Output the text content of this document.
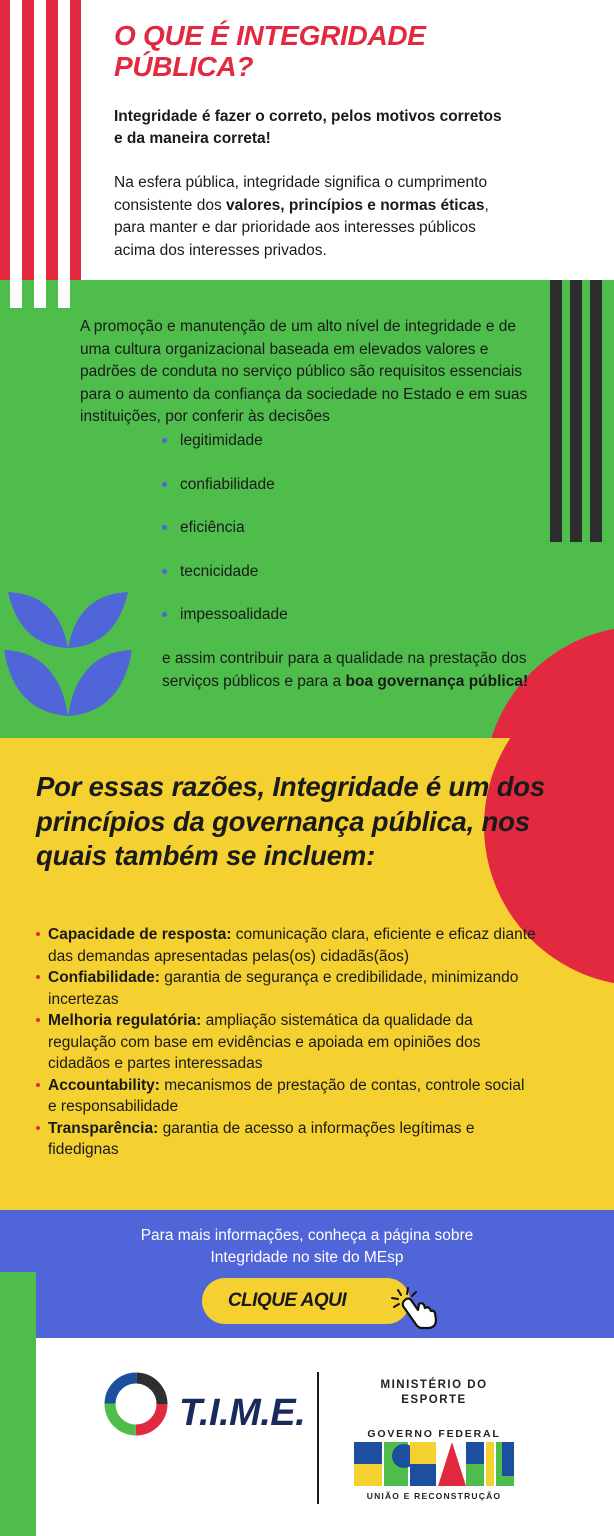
O QUE É INTEGRIDADE
PÚBLICA?

Integridade é fazer o correto, pelos motivos corretos e da maneira correta!

Na esfera pública, integridade significa o cumprimento consistente dos valores, princípios e normas éticas, para manter e dar prioridade aos interesses públicos acima dos interesses privados.

A promoção e manutenção de um alto nível de integridade e de uma cultura organizacional baseada em elevados valores e padrões de conduta no serviço público são requisitos essenciais para o aumento da confiança da sociedade no Estado e em suas instituições, por conferir às decisões

legitimidade
confiabilidade
eficiência
tecnicidade
impessoalidade

e assim contribuir para a qualidade na prestação dos serviços públicos e para a boa governança pública!

Por essas razões, Integridade é um dos princípios da governança pública, nos quais também se incluem:
Capacidade de resposta: comunicação clara, eficiente e eficaz diante das demandas apresentadas pelas(os) cidadãs(ãos)
Confiabilidade: garantia de segurança e credibilidade, minimizando incertezas
Melhoria regulatória: ampliação sistemática da qualidade da regulação com base em evidências e apoiada em opiniões dos cidadãos e partes interessadas
Accountability: mecanismos de prestação de contas, controle social e responsabilidade
Transparência: garantia de acesso a informações legítimas e fidedignas

Para mais informações, conheça a página sobre
Integridade no site do MEsp

CLIQUE AQUI
T.I.M.E.
MINISTÉRIO DO
ESPORTE
GOVERNO FEDERAL
BRASIL
UNIÃO E RECONSTRUÇÃO
